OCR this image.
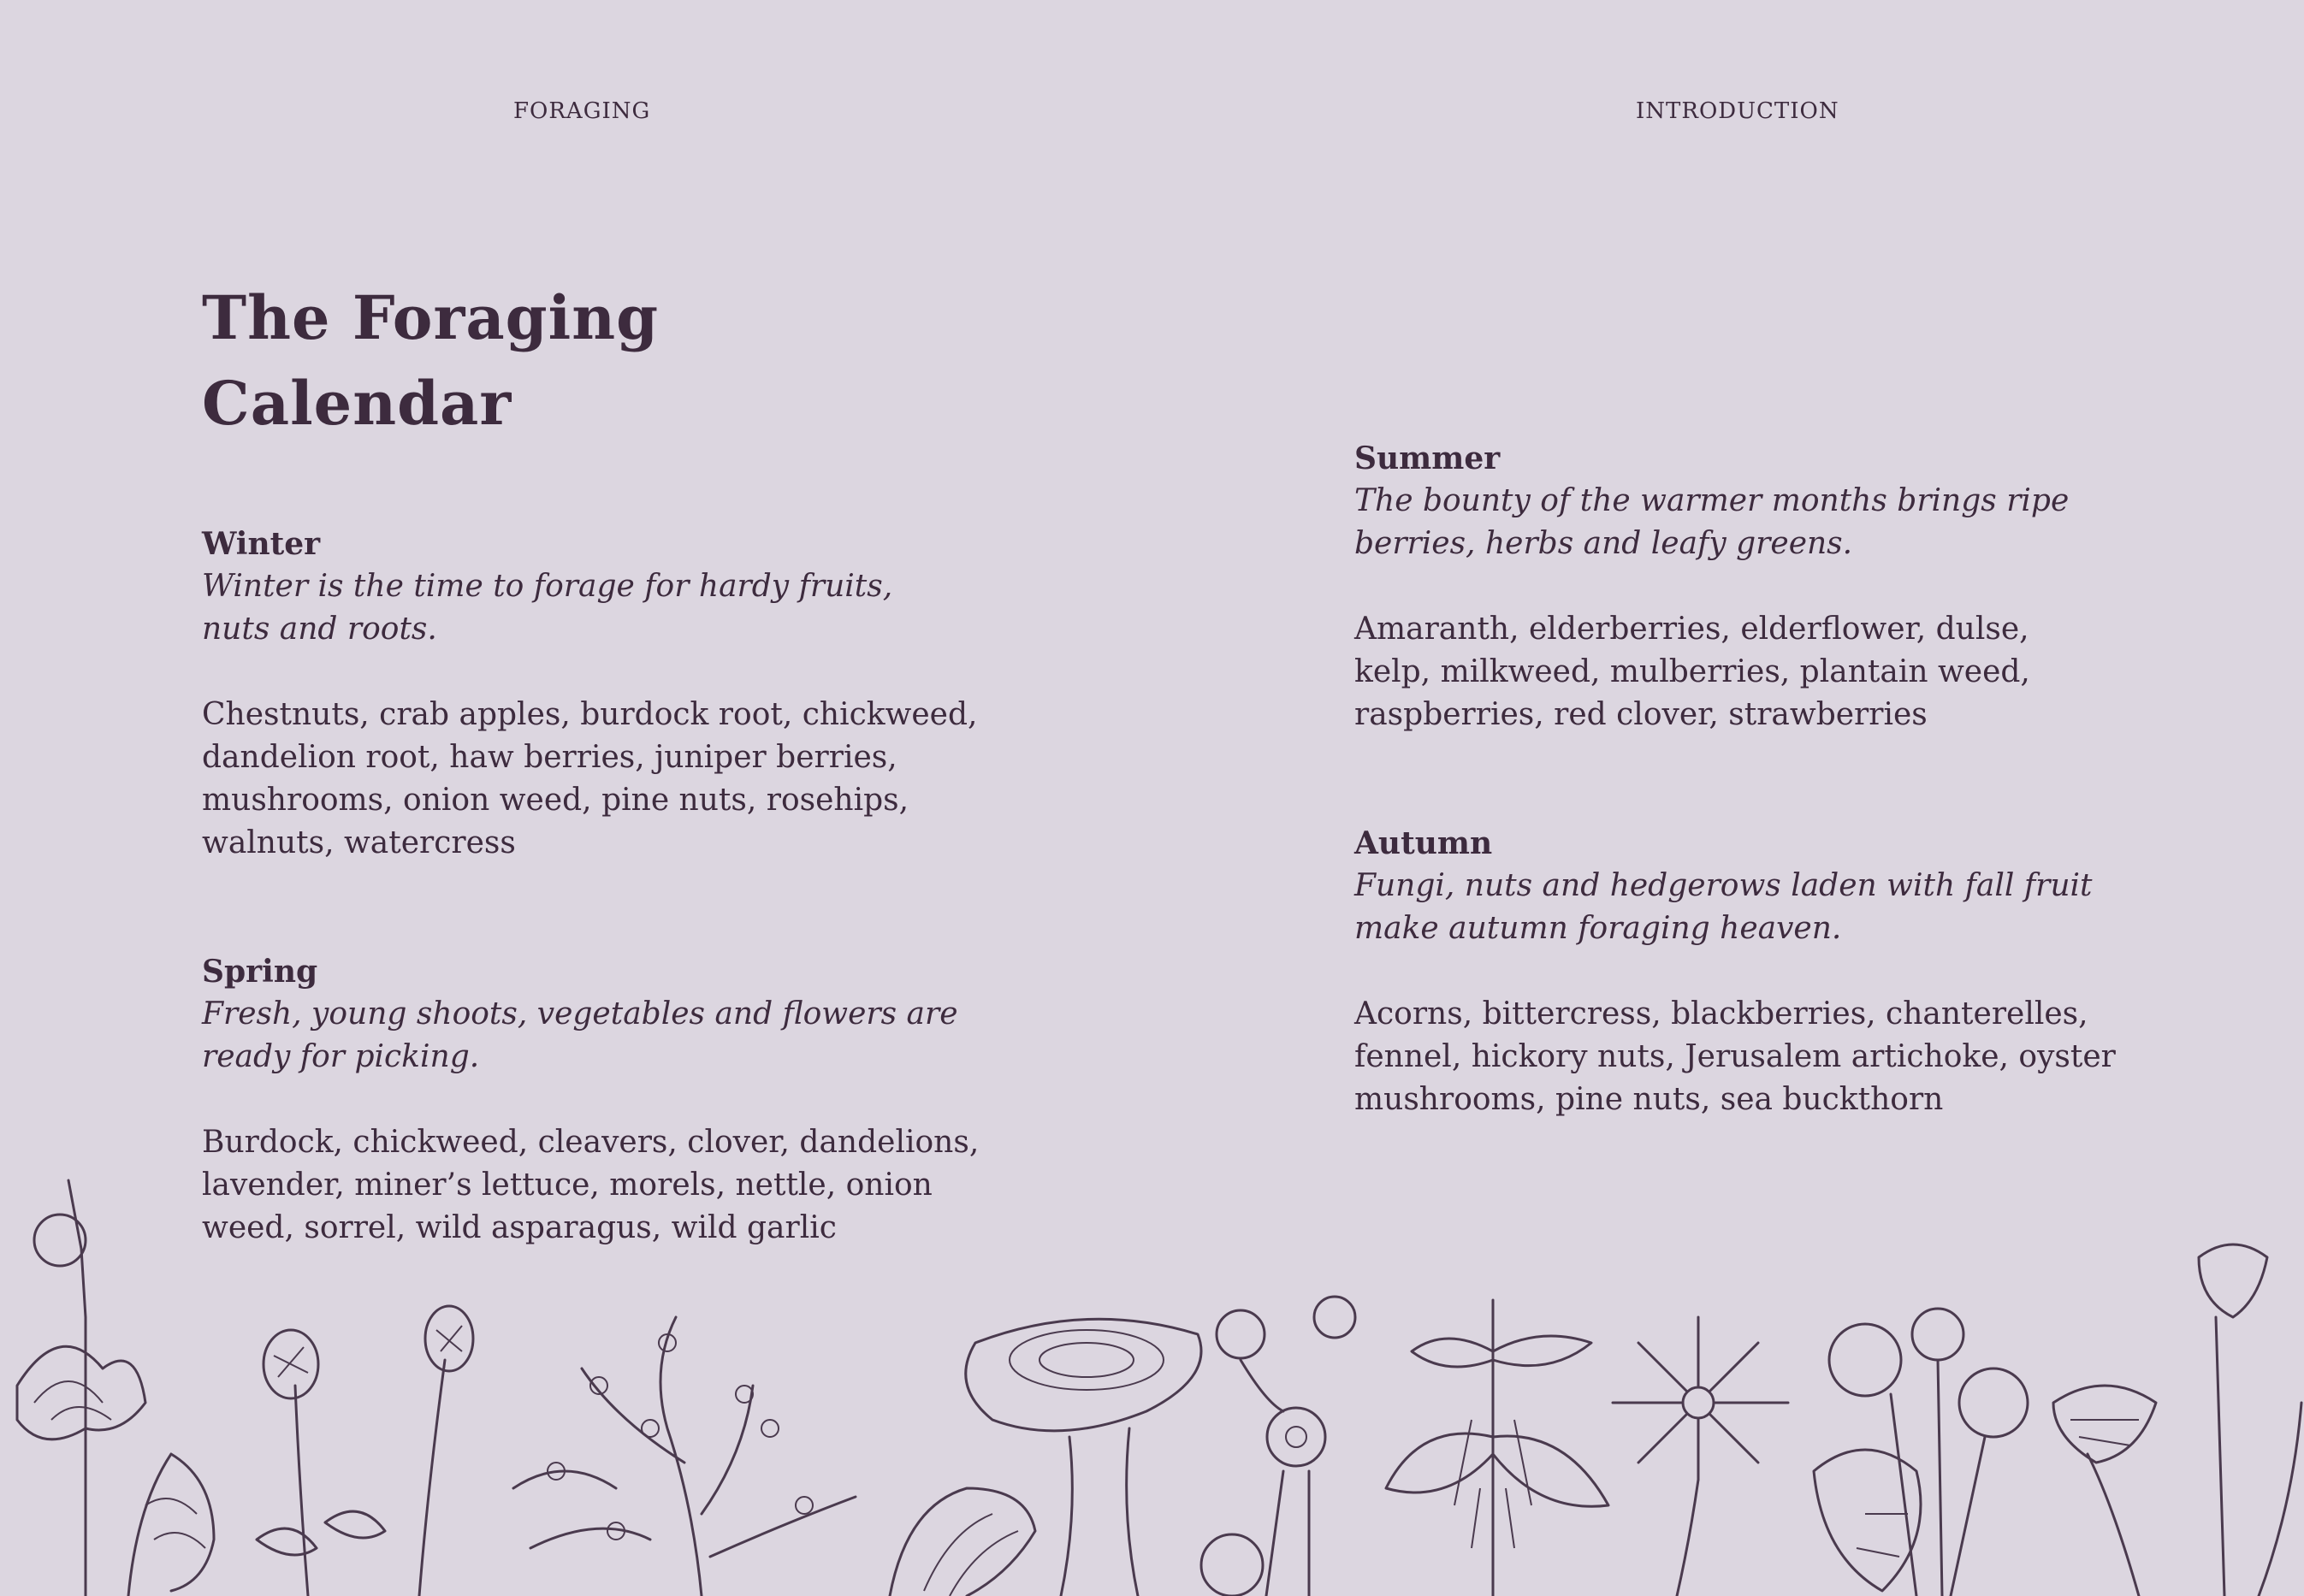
FORAGING	INTRODUCTION
The Foraging
Calendar
Winter

Winter is the time to forage for hardy fruits,
nuts and roots.

Chestnuts, crab apples, burdock root, chickweed,
dandelion root, haw berries, juniper berries,
mushrooms, onion weed, pine nuts, rosehips,
walnuts, watercress

Spring

Fresh, young shoots, vegetables and flowers are
ready for picking.

Burdock, chickweed, cleavers, clover, dandelions,
lavender, miner’s lettuce, morels, nettle, onion
weed, sorrel, wild asparagus, wild garlic

Summer

The bounty of the warmer months brings ripe
berries, herbs and leafy greens.

Amaranth, elderberries, elderflower, dulse,
kelp, milkweed, mulberries, plantain weed,
raspberries, red clover, strawberries

Autumn

Fungi, nuts and hedgerows laden with fall fruit
make autumn foraging heaven.

Acorns, bittercress, blackberries, chanterelles,
fennel, hickory nuts, Jerusalem artichoke, oyster
mushrooms, pine nuts, sea buckthorn
